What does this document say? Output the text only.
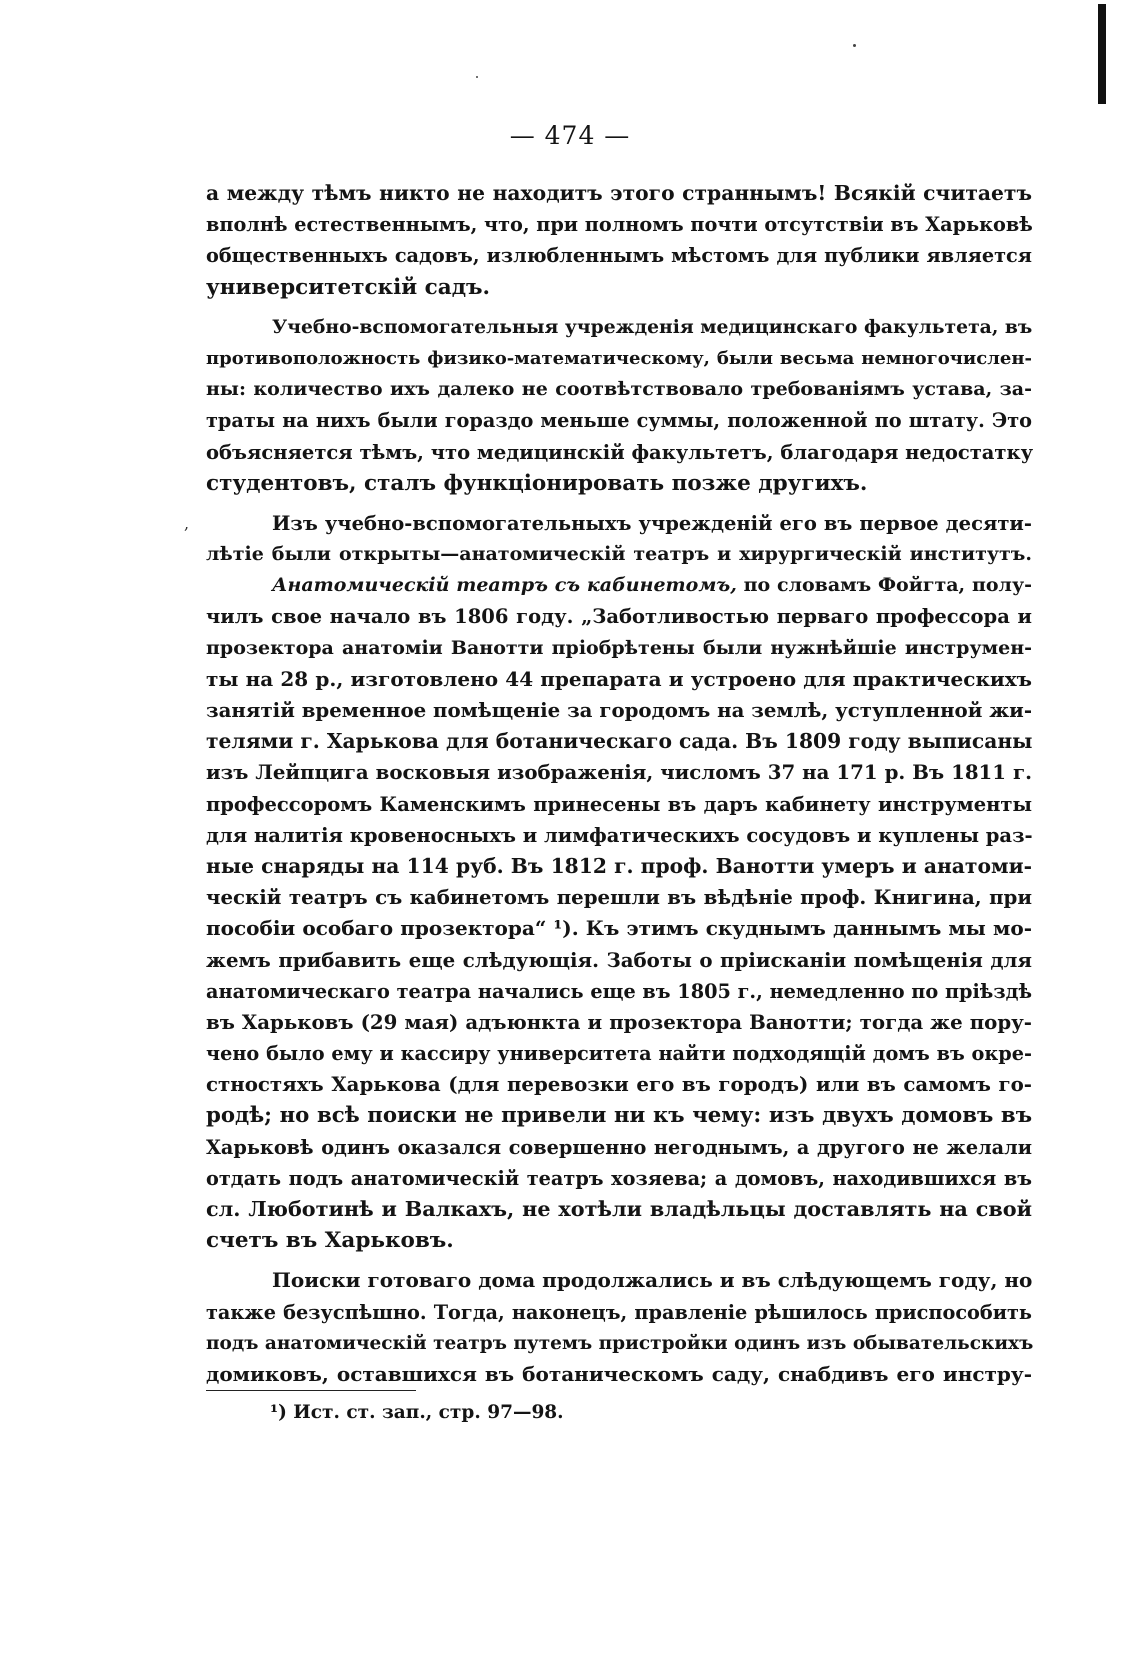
— 474 —
,
а между тѣмъ никто не находитъ этого страннымъ! Всякій считаетъ
вполнѣ естественнымъ, что, при полномъ почти отсутствіи въ Харьковѣ
общественныхъ садовъ, излюбленнымъ мѣстомъ для публики является
университетскій садъ.
Учебно-вспомогательныя учрежденія медицинскаго факультета, въ
противоположность физико-математическому, были весьма немногочислен-
ны: количество ихъ далеко не соотвѣтствовало требованіямъ устава, за-
траты на нихъ были гораздо меньше суммы, положенной по штату. Это
объясняется тѣмъ, что медицинскій факультетъ, благодаря недостатку
студентовъ, сталъ функціонировать позже другихъ.
Изъ учебно-вспомогательныхъ учрежденій его въ первое десяти-
лѣтіе были открыты—анатомическій театръ и хирургическій институтъ.
Анатомическій театръ съ кабинетомъ, по словамъ Фойгта, полу-
чилъ свое начало въ 1806 году. „Заботливостью перваго профессора и
прозектора анатоміи Ванотти пріобрѣтены были нужнѣйшіе инструмен-
ты на 28 р., изготовлено 44 препарата и устроено для практическихъ
занятій временное помѣщеніе за городомъ на землѣ, уступленной жи-
телями г. Харькова для ботаническаго сада. Въ 1809 году выписаны
изъ Лейпцига восковыя изображенія, числомъ 37 на 171 р. Въ 1811 г.
профессоромъ Каменскимъ принесены въ даръ кабинету инструменты
для налитія кровеносныхъ и лимфатическихъ сосудовъ и куплены раз-
ные снаряды на 114 руб. Въ 1812 г. проф. Ванотти умеръ и анатоми-
ческій театръ съ кабинетомъ перешли въ вѣдѣніе проф. Книгина, при
пособіи особаго прозектора“ ¹). Къ этимъ скуднымъ даннымъ мы мо-
жемъ прибавить еще слѣдующія. Заботы о прiисканіи помѣщенія для
анатомическаго театра начались еще въ 1805 г., немедленно по пріѣздѣ
въ Харьковъ (29 мая) адъюнкта и прозектора Ванотти; тогда же пору-
чено было ему и кассиру университета найти подходящій домъ въ окре-
стностяхъ Харькова (для перевозки его въ городъ) или въ самомъ го-
родѣ; но всѣ поиски не привели ни къ чему: изъ двухъ домовъ въ
Харьковѣ одинъ оказался совершенно негоднымъ, а другого не желали
отдать подъ анатомическій театръ хозяева; а домовъ, находившихся въ
сл. Люботинѣ и Валкахъ, не хотѣли владѣльцы доставлять на свой
счетъ въ Харьковъ.
Поиски готоваго дома продолжались и въ слѣдующемъ году, но
также безуспѣшно. Тогда, наконецъ, правленіе рѣшилось приспособить
подъ анатомическій театръ путемъ пристройки одинъ изъ обывательскихъ
домиковъ, оставшихся въ ботаническомъ саду, снабдивъ его инстру-
¹) Ист. ст. зап., стр. 97—98.
